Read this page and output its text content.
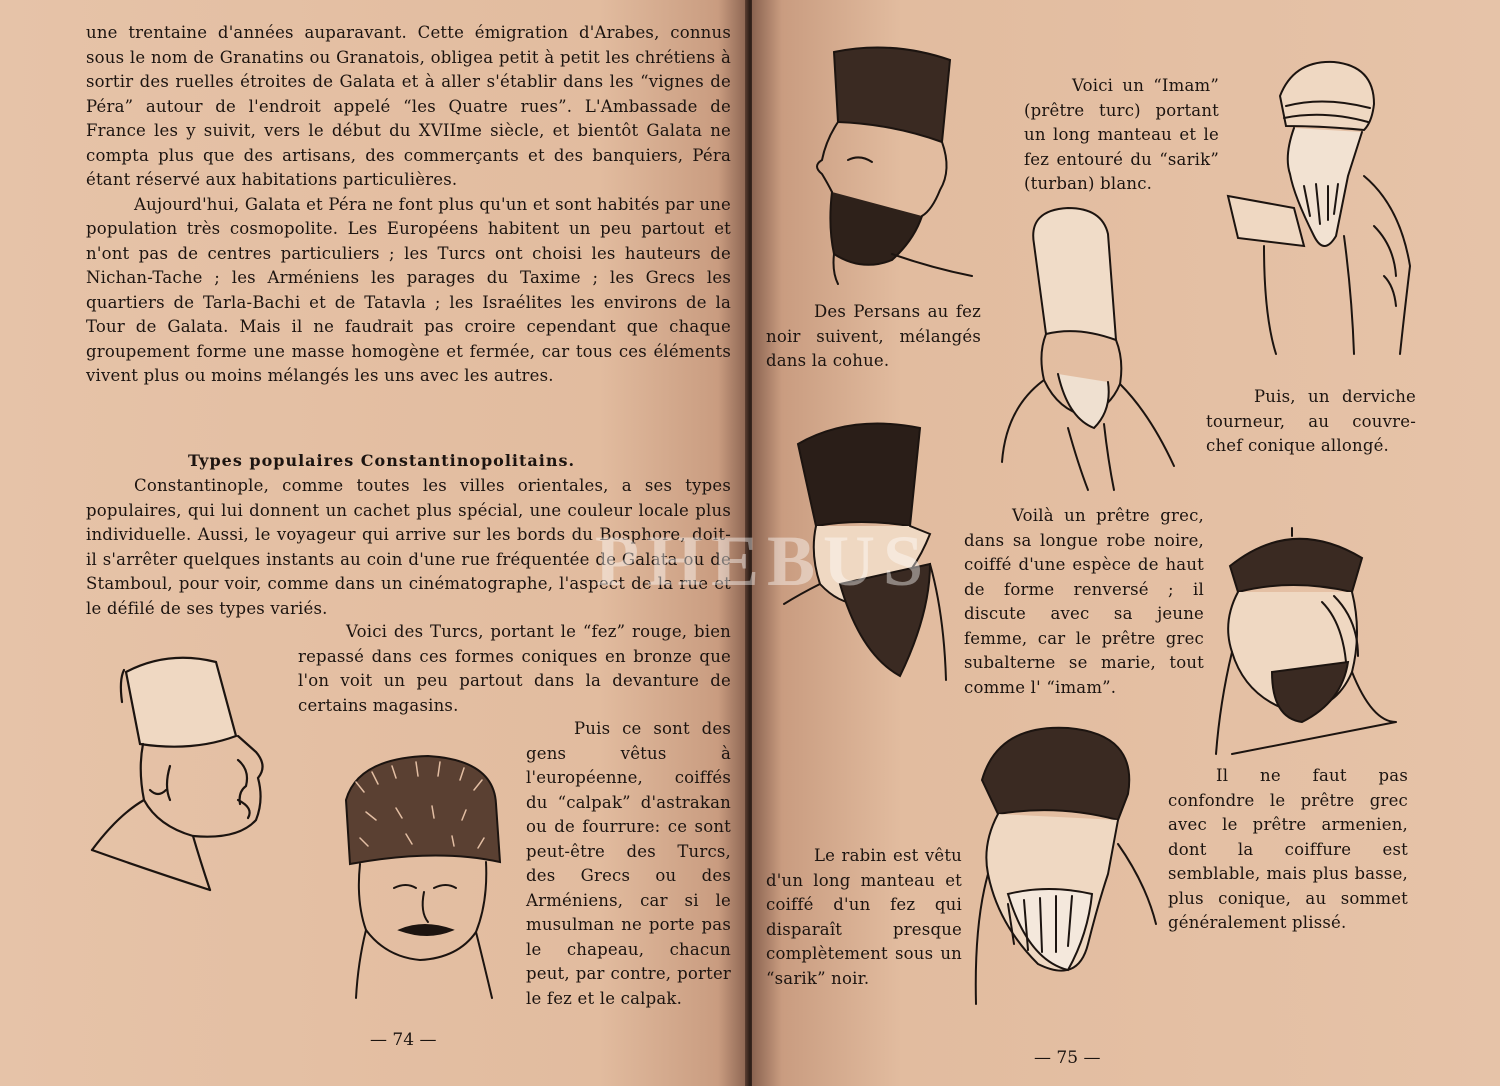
une trentaine d'années auparavant. Cette émigration d'Arabes, connus sous le nom de Granatins ou Granatois, obligea petit à petit les chrétiens à sortir des ruelles étroites de Galata et à aller s'établir dans les “vignes de Péra” autour de l'endroit appelé “les Quatre rues”. L'Ambassade de France les y suivit, vers le début du XVIIme siècle, et bientôt Galata ne compta plus que des artisans, des commerçants et des banquiers, Péra étant réservé aux habitations particulières.

Aujourd'hui, Galata et Péra ne font plus qu'un et sont habités par une population très cosmopolite. Les Européens habitent un peu partout et n'ont pas de centres particuliers ; les Turcs ont choisi les hauteurs de Nichan-Tache ; les Arméniens les parages du Taxime ; les Grecs les quartiers de Tarla-Bachi et de Tatavla ; les Israélites les environs de la Tour de Galata. Mais il ne faudrait pas croire cependant que chaque groupement forme une masse homogène et fermée, car tous ces éléments vivent plus ou moins mélangés les uns avec les autres.

Types populaires Constantinopolitains.

Constantinople, comme toutes les villes orientales, a ses types populaires, qui lui donnent un cachet plus spécial, une couleur locale plus individuelle. Aussi, le voyageur qui arrive sur les bords du Bosphore, doit-il s'arrêter quelques instants au coin d'une rue fréquentée de Galata ou de Stamboul, pour voir, comme dans un cinématographe, l'aspect de la rue et le défilé de ses types variés.

Voici des Turcs, portant le “fez” rouge, bien repassé dans ces formes coniques en bronze que l'on voit un peu partout dans la devanture de certains magasins.

Puis ce sont des gens vêtus à l'européenne, coiffés du “calpak” d'astrakan ou de fourrure: ce sont peut-être des Turcs, des Grecs ou des Arméniens, car si le musulman ne porte pas le chapeau, chacun peut, par contre, porter le fez et le calpak.

— 74 —

Voici un “Imam” (prêtre turc) portant un long manteau et le fez entouré du “sarik” (turban) blanc.

Des Persans au fez noir suivent, mélangés dans la cohue.

Puis, un derviche tourneur, au couvre-chef conique allongé.

Voilà un prêtre grec, dans sa longue robe noire, coiffé d'une espèce de haut de forme renversé ; il discute avec sa jeune femme, car le prêtre grec subalterne se marie, tout comme l' “imam”.

Il ne faut pas confondre le prêtre grec avec le prêtre armenien, dont la coiffure est semblable, mais plus basse, plus conique, au sommet généralement plissé.

Le rabin est vêtu d'un long manteau et coiffé d'un fez qui disparaît presque complètement sous un “sarik” noir.

— 75 —
PHEBUS
